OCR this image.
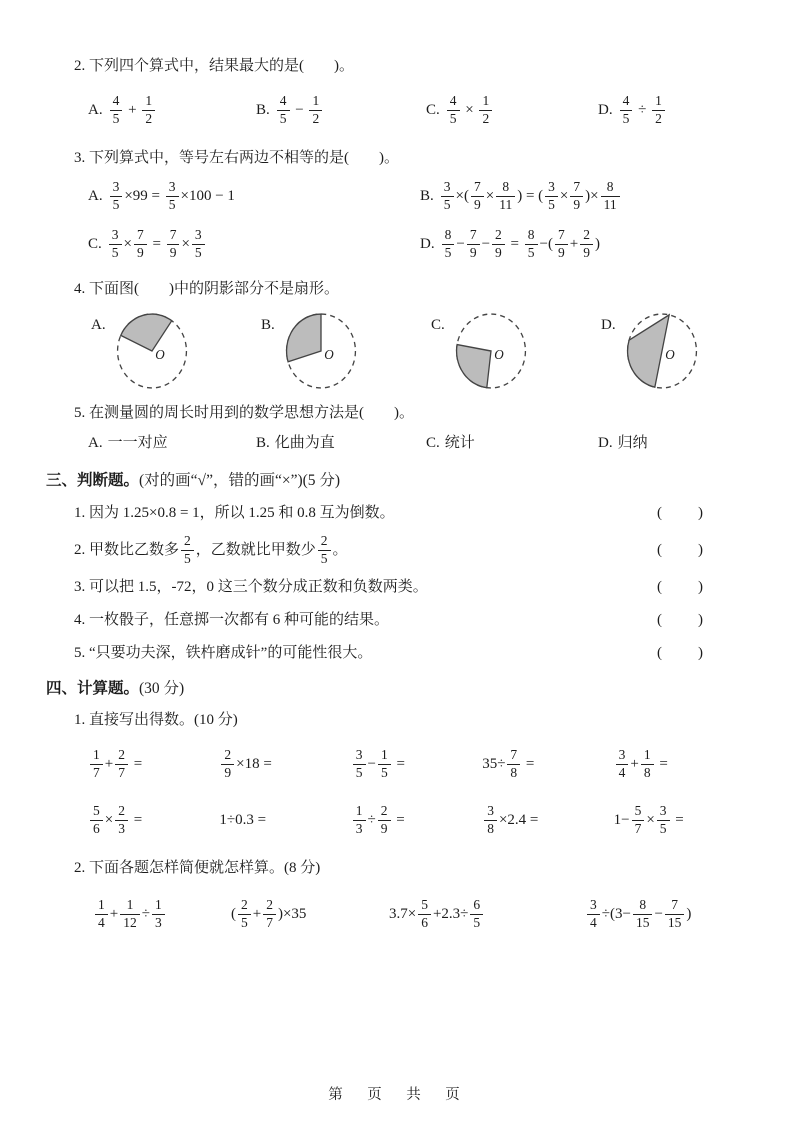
2. 下列四个算式中，结果最大的是(　　)。
A. $\frac{4}{5} + \frac{1}{2}$	B. $\frac{4}{5} - \frac{1}{2}$	C. $\frac{4}{5} \times \frac{1}{2}$	D. $\frac{4}{5} \div \frac{1}{2}$
3. 下列算式中，等号左右两边不相等的是(　　)。
A. $\frac{3}{5} \times 99 = \frac{3}{5} \times 100 - 1$	B. $\frac{3}{5}$ ×( $\frac{7}{9} \times \frac{8}{11}$ ) = ( $\frac{3}{5} \times \frac{7}{9}$ )× $\frac{8}{11}$
C. $\frac{3}{5} \times \frac{7}{9} = \frac{7}{9} \times \frac{3}{5}$	D. $\frac{8}{5} - \frac{7}{9} - \frac{2}{9} = \frac{8}{5}$ −( $\frac{7}{9} + \frac{2}{9}$ )
4. 下面图(　　)中的阴影部分不是扇形。
A.
O
B.
O
C.
O
D.
O
5. 在测量圆的周长时用到的数学思想方法是(　　)。
A. 一一对应	B. 化曲为直	C. 统计	D. 归纳
三、判断题。(对的画“√”，错的画“×”)(5 分)
1. 因为 1.25×0.8 = 1，所以 1.25 和 0.8 互为倒数。	(　　)
2. 甲数比乙数多 $\frac{2}{5}$ ，乙数就比甲数少 $\frac{2}{5}$ 。	(　　)
3. 可以把 1.5，-72，0 这三个数分成正数和负数两类。	(　　)
4. 一枚骰子，任意掷一次都有 6 种可能的结果。	(　　)
5. “只要功夫深，铁杵磨成针”的可能性很大。	(　　)
四、计算题。(30 分)
1. 直接写出得数。(10 分)
$\frac{1}{7} + \frac{2}{7}$ =	$\frac{2}{9} \times 18$ =	$\frac{3}{5} - \frac{1}{5}$ =	$35\div \frac{7}{8}$ =	$\frac{3}{4} + \frac{1}{8}$ =
$\frac{5}{6} \times \frac{2}{3}$ =	1÷0.3 =	$\frac{1}{3} \div \frac{2}{9}$ =	$\frac{3}{8} \times 2.4$ =	$1- \frac{5}{7} \times \frac{3}{5}$ =
2. 下面各题怎样简便就怎样算。(8 分)
$\frac{1}{4} + \frac{1}{12} \div \frac{1}{3}$	( $\frac{2}{5} + \frac{2}{7} )\times 35$	$3.7\times \frac{5}{6} +2.3\div \frac{6}{5}$	$\frac{3}{4} \div(3- \frac{8}{15} - \frac{7}{15}$ )
第　页　共　页
